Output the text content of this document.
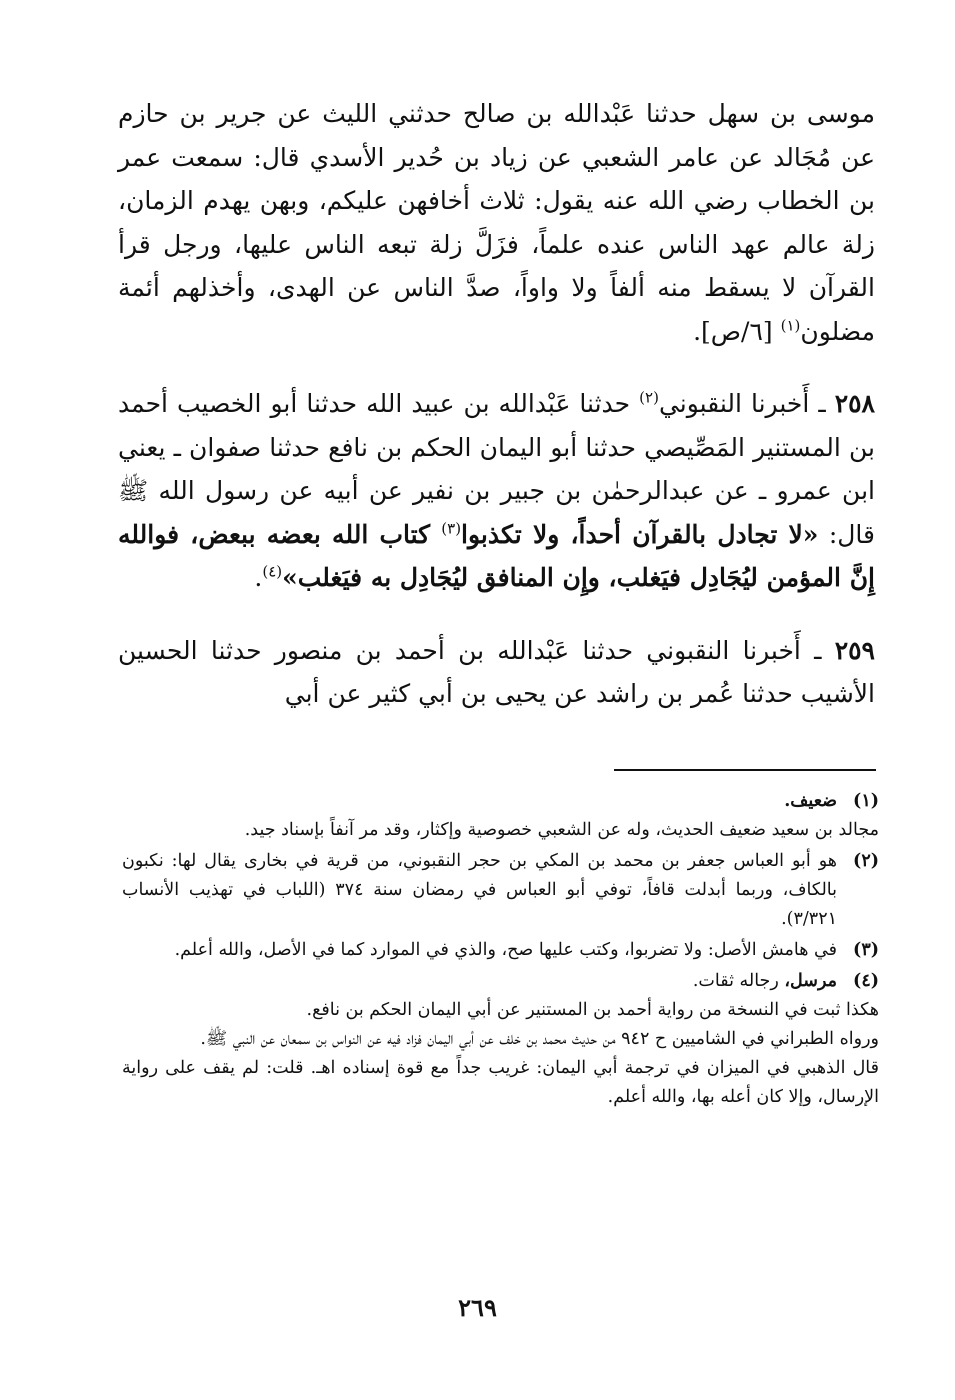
موسى بن سهل حدثنا عَبْدالله بن صالح حدثني الليث عن جرير بن حازم عن مُجَالد عن عامر الشعبي عن زياد بن حُدير الأسدي قال: سمعت عمر بن الخطاب رضي الله عنه يقول: ثلاث أخافهن عليكم، وبهن يهدم الزمان، زلة عالم عهد الناس عنده علماً، فزَلَّ زلة تبعه الناس عليها، ورجل قرأ القرآن لا يسقط منه ألفاً ولا واواً، صدَّ الناس عن الهدى، وأخذلهم أئمة مضلون$^{(١)}$ [٦/ص].

٢٥٨ ـ أَخبرنا النقبوني$^{(٢)}$ حدثنا عَبْدالله بن عبيد الله حدثنا أبو الخصيب أحمد بن المستنير المَصِّيصي حدثنا أبو اليمان الحكم بن نافع حدثنا صفوان ـ يعني ابن عمرو ـ عن عبدالرحمٰن بن جبير بن نفير عن أبيه عن رسول الله ﷺ قال: «لا تجادل بالقرآن أحداً، ولا تكذبوا$^{(٣)}$ كتاب الله بعضه ببعض، فوالله إِنَّ المؤمن ليُجَادِل فيَغلب، وإِن المنافق ليُجَادِل به فيَغلب»$^{(٤)}$.

٢٥٩ ـ أَخبرنا النقبوني حدثنا عَبْدالله بن أحمد بن منصور حدثنا الحسين الأشيب حدثنا عُمر بن راشد عن يحيى بن أبي كثير عن أبي

(١)
ضعيف.
مجالد بن سعيد ضعيف الحديث، وله عن الشعبي خصوصية وإكثار، وقد مر آنفاً بإسناد جيد.
(٢)
هو أبو العباس جعفر بن محمد بن المكي بن حجر النقبوني، من قرية في بخارى يقال لها: نكبون بالكاف، وربما أبدلت قافاً، توفي أبو العباس في رمضان سنة ٣٧٤ (اللباب في تهذيب الأنساب ٣/٣٢١).
(٣)
في هامش الأصل: ولا تضربوا، وكتب عليها صح، والذي في الموارد كما في الأصل، والله أعلم.
(٤)
مرسل، رجاله ثقات.
هكذا ثبت في النسخة من رواية أحمد بن المستنير عن أبي اليمان الحكم بن نافع.
ورواه الطبراني في الشاميين ح ٩٤٢ من حديث محمد بن خلف عن أبي اليمان فزاد فيه عن النواس بن سمعان عن النبي ﷺ.
قال الذهبي في الميزان في ترجمة أبي اليمان: غريب جداً مع قوة إسناده اهـ. قلت: لم يقف على رواية الإرسال، وإلا كان أعله بها، والله أعلم.
٢٦٩
